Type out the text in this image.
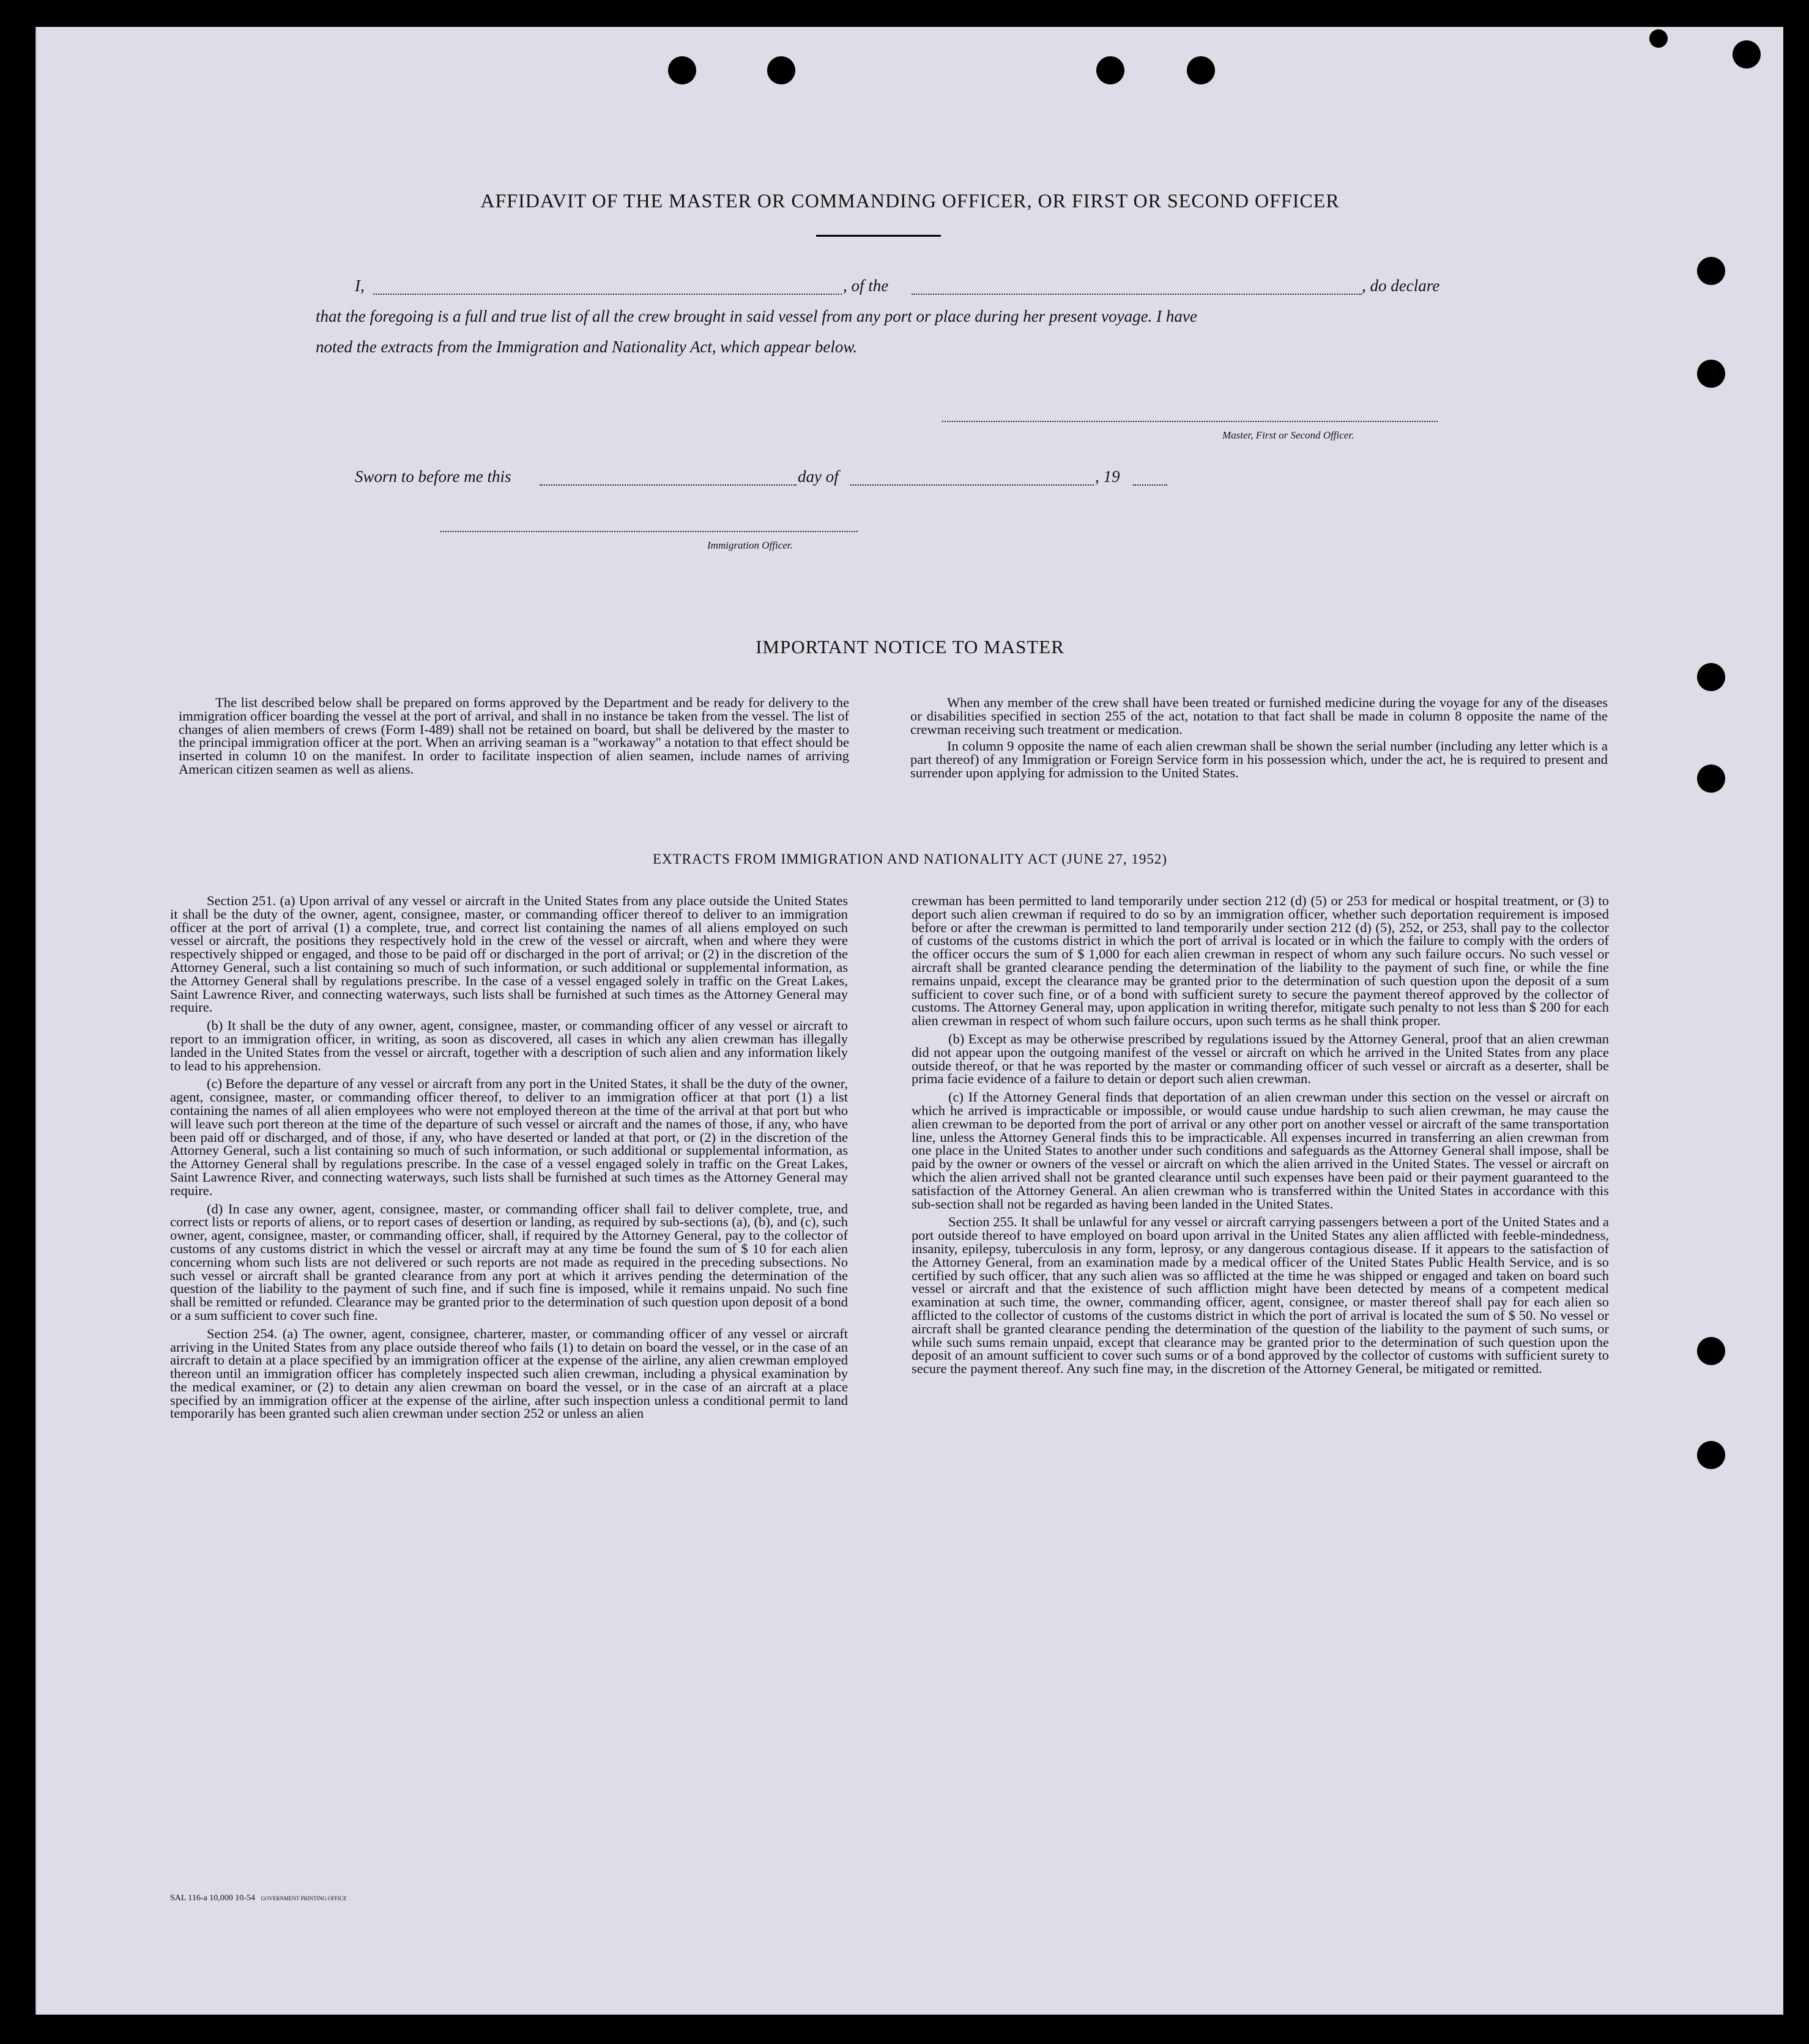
AFFIDAVIT OF THE MASTER OR COMMANDING OFFICER, OR FIRST OR SECOND OFFICER
I,	, of the	, do declare
that the foregoing is a full and true list of all the crew brought in said vessel from any port or place during her present voyage. I have
noted the extracts from the Immigration and Nationality Act, which appear below.
Master, First or Second Officer.
Sworn to before me this	day of	, 19
Immigration Officer.
IMPORTANT NOTICE TO MASTER

The list described below shall be prepared on forms approved by the Department and be ready for delivery to the immigration officer boarding the vessel at the port of arrival, and shall in no instance be taken from the vessel. The list of changes of alien members of crews (Form I-489) shall not be retained on board, but shall be delivered by the master to the principal immigration officer at the port. When an arriving seaman is a "workaway" a notation to that effect should be inserted in column 10 on the manifest. In order to facilitate inspection of alien seamen, include names of arriving American citizen seamen as well as aliens.

When any member of the crew shall have been treated or furnished medicine during the voyage for any of the diseases or disabilities specified in section 255 of the act, notation to that fact shall be made in column 8 opposite the name of the crewman receiving such treatment or medication.

In column 9 opposite the name of each alien crewman shall be shown the serial number (including any letter which is a part thereof) of any Immigration or Foreign Service form in his possession which, under the act, he is required to present and surrender upon applying for admission to the United States.

EXTRACTS FROM IMMIGRATION AND NATIONALITY ACT (JUNE 27, 1952)

Section 251. (a) Upon arrival of any vessel or aircraft in the United States from any place outside the United States it shall be the duty of the owner, agent, consignee, master, or commanding officer thereof to deliver to an immigration officer at the port of arrival (1) a complete, true, and correct list containing the names of all aliens employed on such vessel or aircraft, the positions they respectively hold in the crew of the vessel or aircraft, when and where they were respectively shipped or engaged, and those to be paid off or discharged in the port of arrival; or (2) in the discretion of the Attorney General, such a list containing so much of such information, or such additional or supplemental information, as the Attorney General shall by regulations prescribe. In the case of a vessel engaged solely in traffic on the Great Lakes, Saint Lawrence River, and connecting waterways, such lists shall be furnished at such times as the Attorney General may require.

(b) It shall be the duty of any owner, agent, consignee, master, or commanding officer of any vessel or aircraft to report to an immigration officer, in writing, as soon as discovered, all cases in which any alien crewman has illegally landed in the United States from the vessel or aircraft, together with a description of such alien and any information likely to lead to his apprehension.

(c) Before the departure of any vessel or aircraft from any port in the United States, it shall be the duty of the owner, agent, consignee, master, or commanding officer thereof, to deliver to an immigration officer at that port (1) a list containing the names of all alien employees who were not employed thereon at the time of the arrival at that port but who will leave such port thereon at the time of the departure of such vessel or aircraft and the names of those, if any, who have been paid off or discharged, and of those, if any, who have deserted or landed at that port, or (2) in the discretion of the Attorney General, such a list containing so much of such information, or such additional or supplemental information, as the Attorney General shall by regulations prescribe. In the case of a vessel engaged solely in traffic on the Great Lakes, Saint Lawrence River, and connecting waterways, such lists shall be furnished at such times as the Attorney General may require.

(d) In case any owner, agent, consignee, master, or commanding officer shall fail to deliver complete, true, and correct lists or reports of aliens, or to report cases of desertion or landing, as required by sub-sections (a), (b), and (c), such owner, agent, consignee, master, or commanding officer, shall, if required by the Attorney General, pay to the collector of customs of any customs district in which the vessel or aircraft may at any time be found the sum of $ 10 for each alien concerning whom such lists are not delivered or such reports are not made as required in the preceding subsections. No such vessel or aircraft shall be granted clearance from any port at which it arrives pending the determination of the question of the liability to the payment of such fine, and if such fine is imposed, while it remains unpaid. No such fine shall be remitted or refunded. Clearance may be granted prior to the determination of such question upon deposit of a bond or a sum sufficient to cover such fine.

Section 254. (a) The owner, agent, consignee, charterer, master, or commanding officer of any vessel or aircraft arriving in the United States from any place outside thereof who fails (1) to detain on board the vessel, or in the case of an aircraft to detain at a place specified by an immigration officer at the expense of the airline, any alien crewman employed thereon until an immigration officer has completely inspected such alien crewman, including a physical examination by the medical examiner, or (2) to detain any alien crewman on board the vessel, or in the case of an aircraft at a place specified by an immigration officer at the expense of the airline, after such inspection unless a conditional permit to land temporarily has been granted such alien crewman under section 252 or unless an alien

crewman has been permitted to land temporarily under section 212 (d) (5) or 253 for medical or hospital treatment, or (3) to deport such alien crewman if required to do so by an immigration officer, whether such deportation requirement is imposed before or after the crewman is permitted to land temporarily under section 212 (d) (5), 252, or 253, shall pay to the collector of customs of the customs district in which the port of arrival is located or in which the failure to comply with the orders of the officer occurs the sum of $ 1,000 for each alien crewman in respect of whom any such failure occurs. No such vessel or aircraft shall be granted clearance pending the determination of the liability to the payment of such fine, or while the fine remains unpaid, except the clearance may be granted prior to the determination of such question upon the deposit of a sum sufficient to cover such fine, or of a bond with sufficient surety to secure the payment thereof approved by the collector of customs. The Attorney General may, upon application in writing therefor, mitigate such penalty to not less than $ 200 for each alien crewman in respect of whom such failure occurs, upon such terms as he shall think proper.

(b) Except as may be otherwise prescribed by regulations issued by the Attorney General, proof that an alien crewman did not appear upon the outgoing manifest of the vessel or aircraft on which he arrived in the United States from any place outside thereof, or that he was reported by the master or commanding officer of such vessel or aircraft as a deserter, shall be prima facie evidence of a failure to detain or deport such alien crewman.

(c) If the Attorney General finds that deportation of an alien crewman under this section on the vessel or aircraft on which he arrived is impracticable or impossible, or would cause undue hardship to such alien crewman, he may cause the alien crewman to be deported from the port of arrival or any other port on another vessel or aircraft of the same transportation line, unless the Attorney General finds this to be impracticable. All expenses incurred in transferring an alien crewman from one place in the United States to another under such conditions and safeguards as the Attorney General shall impose, shall be paid by the owner or owners of the vessel or aircraft on which the alien arrived in the United States. The vessel or aircraft on which the alien arrived shall not be granted clearance until such expenses have been paid or their payment guaranteed to the satisfaction of the Attorney General. An alien crewman who is transferred within the United States in accordance with this sub-section shall not be regarded as having been landed in the United States.

Section 255. It shall be unlawful for any vessel or aircraft carrying passengers between a port of the United States and a port outside thereof to have employed on board upon arrival in the United States any alien afflicted with feeble-mindedness, insanity, epilepsy, tuberculosis in any form, leprosy, or any dangerous contagious disease. If it appears to the satisfaction of the Attorney General, from an examination made by a medical officer of the United States Public Health Service, and is so certified by such officer, that any such alien was so afflicted at the time he was shipped or engaged and taken on board such vessel or aircraft and that the existence of such affliction might have been detected by means of a competent medical examination at such time, the owner, commanding officer, agent, consignee, or master thereof shall pay for each alien so afflicted to the collector of customs of the customs district in which the port of arrival is located the sum of $ 50. No vessel or aircraft shall be granted clearance pending the determination of the question of the liability to the payment of such sums, or while such sums remain unpaid, except that clearance may be granted prior to the determination of such question upon the deposit of an amount sufficient to cover such sums or of a bond approved by the collector of customs with sufficient surety to secure the payment thereof. Any such fine may, in the discretion of the Attorney General, be mitigated or remitted.

SAL 116-a 10,000 10-54 GOVERNMENT PRINTING OFFICE
